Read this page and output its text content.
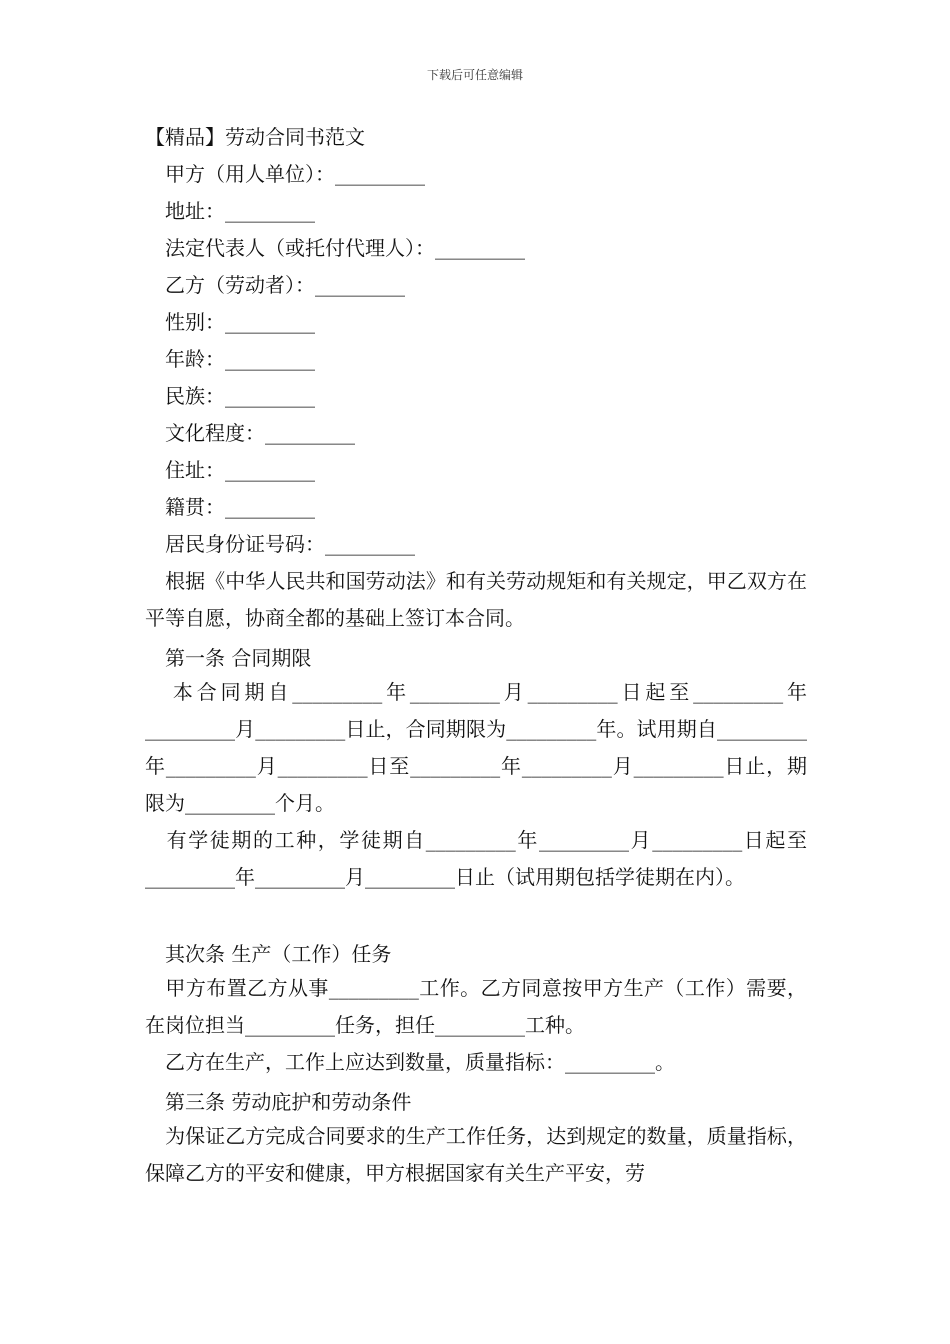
下载后可任意编辑
【精品】劳动合同书范文
甲方（用人单位）：_________
地址：_________
法定代表人（或托付代理人）：_________
乙方（劳动者）：_________
性别：_________
年龄：_________
民族：_________
文化程度：_________
住址：_________
籍贯：_________
居民身份证号码：_________
根据《中华人民共和国劳动法》和有关劳动规矩和有关规定，甲乙双方在平等自愿，协商全都的基础上签订本合同。
第一条 合同期限
本合同期自_________年_________月_________日起至_________年_________月_________日止，合同期限为_________年。试用期自_________年_________月_________日至_________年_________月_________日止，期限为_________个月。
有学徒期的工种，学徒期自_________年_________月_________日起至_________年_________月_________日止（试用期包括学徒期在内）。
其次条 生产（工作）任务
甲方布置乙方从事_________工作。乙方同意按甲方生产（工作）需要，在岗位担当_________任务，担任_________工种。
乙方在生产，工作上应达到数量，质量指标：_________。
第三条 劳动庇护和劳动条件
为保证乙方完成合同要求的生产工作任务，达到规定的数量，质量指标，保障乙方的平安和健康，甲方根据国家有关生产平安，劳
